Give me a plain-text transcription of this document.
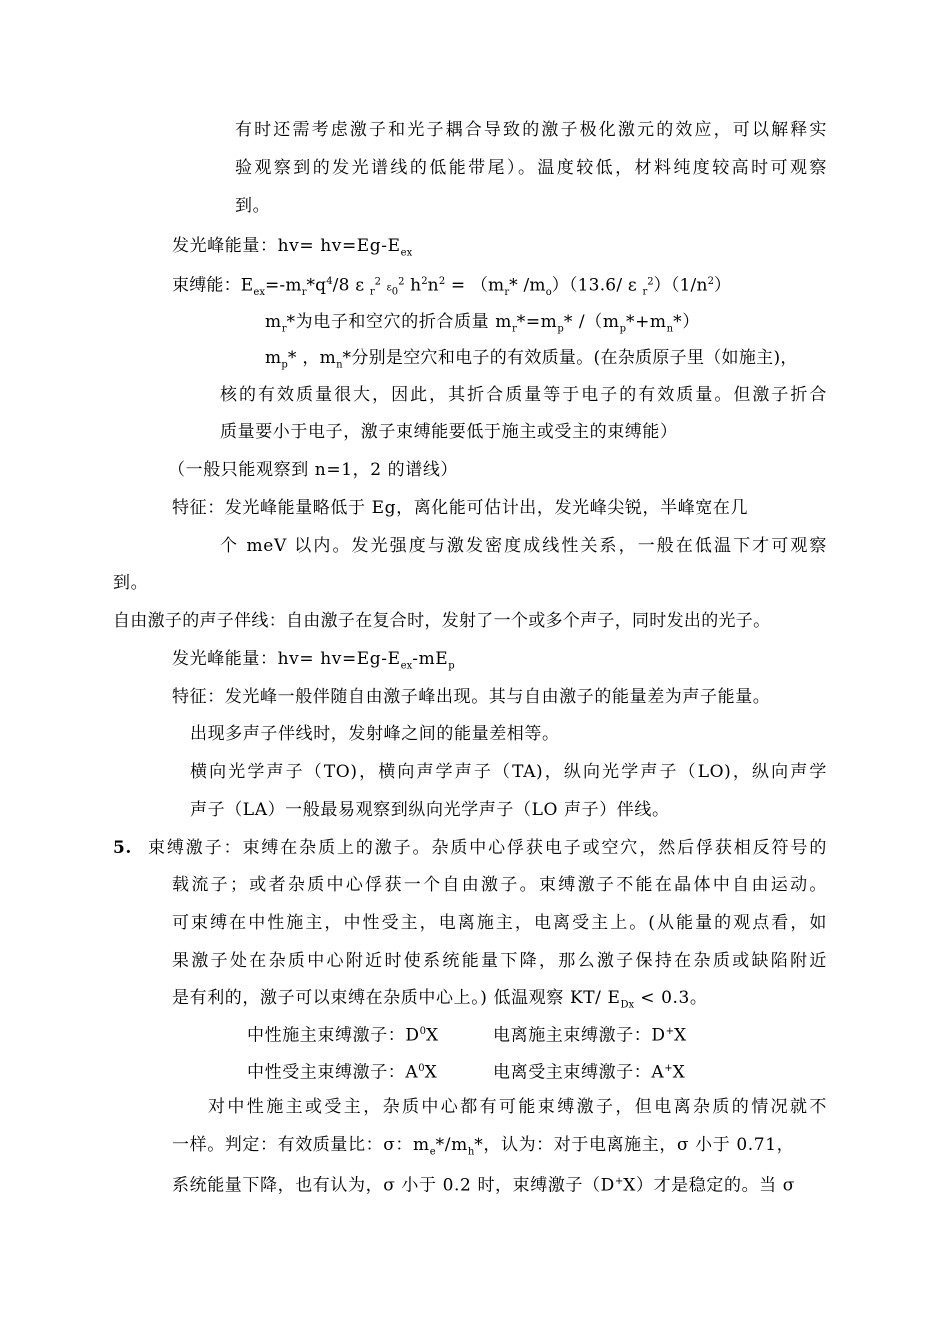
有时还需考虑激子和光子耦合导致的激子极化激元的效应，可以解释实
验观察到的发光谱线的低能带尾）。温度较低，材料纯度较高时可观察
到。
发光峰能量：$hv= hv=Eg-E_{ex}$
束缚能：$E_{ex}=-m_r*q^4/8$ ε $_r^2$ $\varepsilon_0^2$ $h^2n^2 = (m_r*$ $/m_o)(13.6/$ ε $_r^2)(1/n^2)$
$m_r*$为电子和空穴的折合质量 $m_r*=m_p*$ $/(m_p*+m_n*)$
$m_p*$ ，$m_n*$分别是空穴和电子的有效质量。(在杂质原子里（如施主)，
核的有效质量很大，因此，其折合质量等于电子的有效质量。但激子折合
质量要小于电子，激子束缚能要低于施主或受主的束缚能）
（一般只能观察到 n=1，2 的谱线）
特征：发光峰能量略低于 Eg，离化能可估计出，发光峰尖锐，半峰宽在几
个 meV 以内。发光强度与激发密度成线性关系，一般在低温下才可观察
到。
自由激子的声子伴线：自由激子在复合时，发射了一个或多个声子，同时发出的光子。
发光峰能量：$hv= hv=Eg-E_{ex}-mE_p$
特征：发光峰一般伴随自由激子峰出现。其与自由激子的能量差为声子能量。
出现多声子伴线时，发射峰之间的能量差相等。
横向光学声子（TO)，横向声学声子（TA)，纵向光学声子（LO)，纵向声学
声子（LA）一般最易观察到纵向光学声子（LO 声子）伴线。
5. 束缚激子：束缚在杂质上的激子。杂质中心俘获电子或空穴，然后俘获相反符号的
载流子；或者杂质中心俘获一个自由激子。束缚激子不能在晶体中自由运动。
可束缚在中性施主，中性受主，电离施主，电离受主上。(从能量的观点看，如
果激子处在杂质中心附近时使系统能量下降，那么激子保持在杂质或缺陷附近
是有利的，激子可以束缚在杂质中心上。) 低温观察 KT/ $E_{Dx} < 0.3$。
中性施主束缚激子：$D^0X$	电离施主束缚激子：D+X
中性受主束缚激子：$A^0X$	电离受主束缚激子：A+X
对中性施主或受主，杂质中心都有可能束缚激子，但电离杂质的情况就不
一样。判定：有效质量比：σ：$m_e*/m_h*$，认为：对于电离施主，σ 小于 0.71，
系统能量下降，也有认为，σ 小于 0.2 时，束缚激子（D+X）才是稳定的。当 σ
